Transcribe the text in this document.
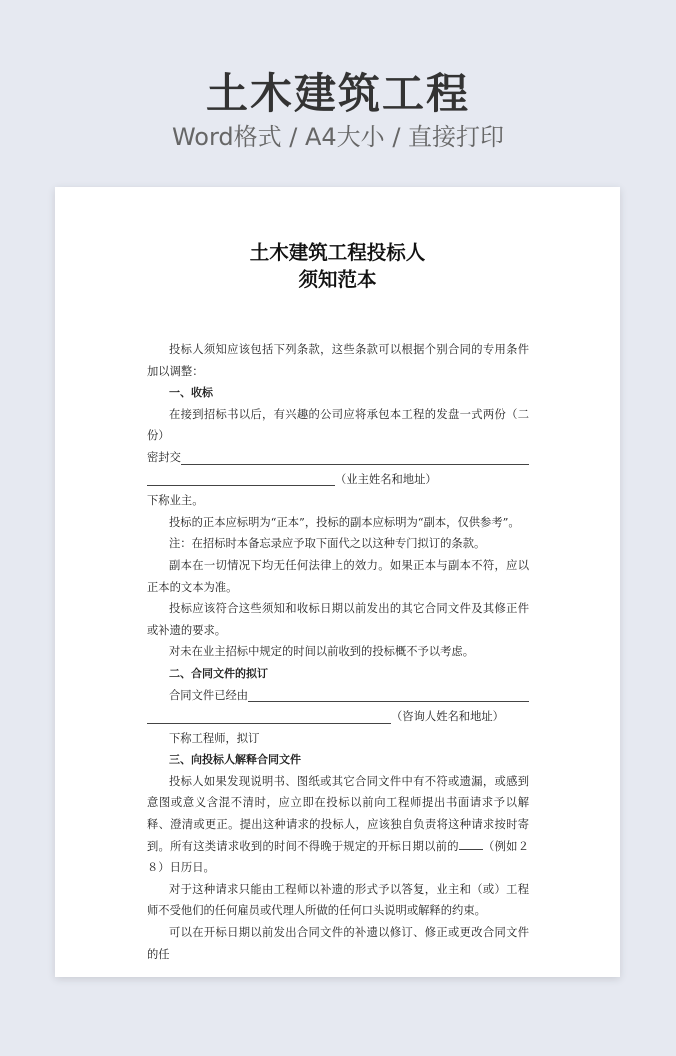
土木建筑工程
Word格式 / A4大小 / 直接打印
土木建筑工程投标人
须知范本

投标人须知应该包括下列条款，这些条款可以根据个别合同的专用条件加以调整：

一、收标

在接到招标书以后，有兴趣的公司应将承包本工程的发盘一式两份（二份）

密封交
（业主姓名和地址）

下称业主。

投标的正本应标明为“正本”，投标的副本应标明为“副本，仅供参考”。

注：在招标时本备忘录应予取下面代之以这种专门拟订的条款。

副本在一切情况下均无任何法律上的效力。如果正本与副本不符，应以正本的文本为准。

投标应该符合这些须知和收标日期以前发出的其它合同文件及其修正件或补遗的要求。

对未在业主招标中规定的时间以前收到的投标概不予以考虑。

二、合同文件的拟订

合同文件已经由
（咨询人姓名和地址）

下称工程师，拟订

三、向投标人解释合同文件

投标人如果发现说明书、图纸或其它合同文件中有不符或遗漏，或感到意图或意义含混不清时，应立即在投标以前向工程师提出书面请求予以解释、澄清或更正。提出这种请求的投标人，应该独自负责将这种请求按时寄到。所有这类请求收到的时间不得晚于规定的开标日期以前的 （例如２８）日历日。

对于这种请求只能由工程师以补遗的形式予以答复，业主和（或）工程师不受他们的任何雇员或代理人所做的任何口头说明或解释的约束。

可以在开标日期以前发出合同文件的补遗以修订、修正或更改合同文件的任
